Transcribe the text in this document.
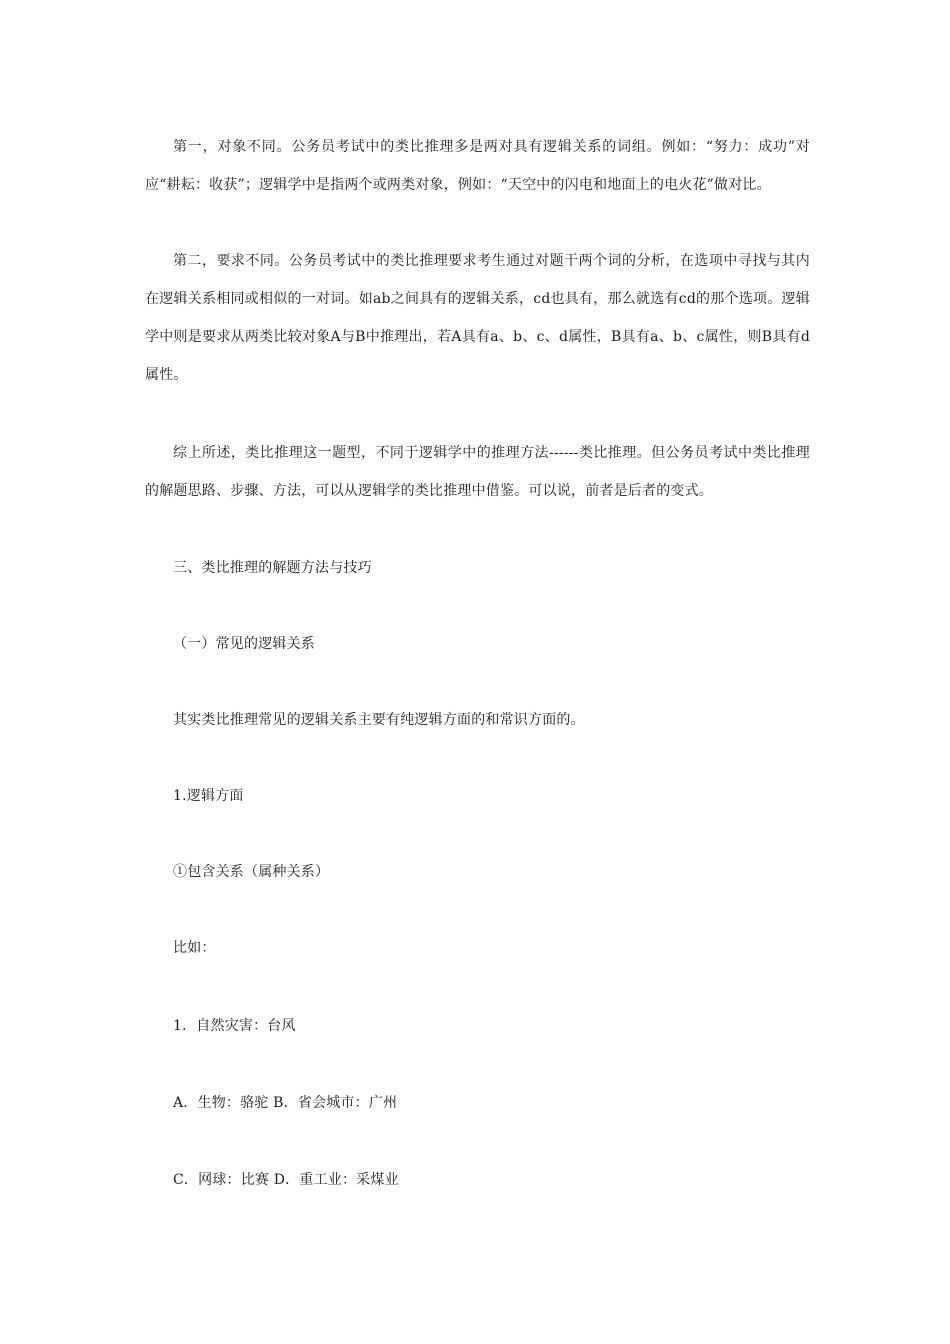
第一，对象不同。公务员考试中的类比推理多是两对具有逻辑关系的词组。例如：“努力：成功”对应“耕耘：收获”；逻辑学中是指两个或两类对象，例如：“天空中的闪电和地面上的电火花”做对比。

第二，要求不同。公务员考试中的类比推理要求考生通过对题干两个词的分析，在选项中寻找与其内在逻辑关系相同或相似的一对词。如ab之间具有的逻辑关系，cd也具有，那么就选有cd的那个选项。逻辑学中则是要求从两类比较对象A与B中推理出，若A具有a、b、c、d属性，B具有a、b、c属性，则B具有d属性。

综上所述，类比推理这一题型，不同于逻辑学中的推理方法------类比推理。但公务员考试中类比推理的解题思路、步骤、方法，可以从逻辑学的类比推理中借鉴。可以说，前者是后者的变式。

三、类比推理的解题方法与技巧

（一）常见的逻辑关系

其实类比推理常见的逻辑关系主要有纯逻辑方面的和常识方面的。

1.逻辑方面

①包含关系（属种关系）

比如：

1．自然灾害：台风

A．生物：骆驼 B．省会城市：广州

C．网球：比赛 D．重工业：采煤业
